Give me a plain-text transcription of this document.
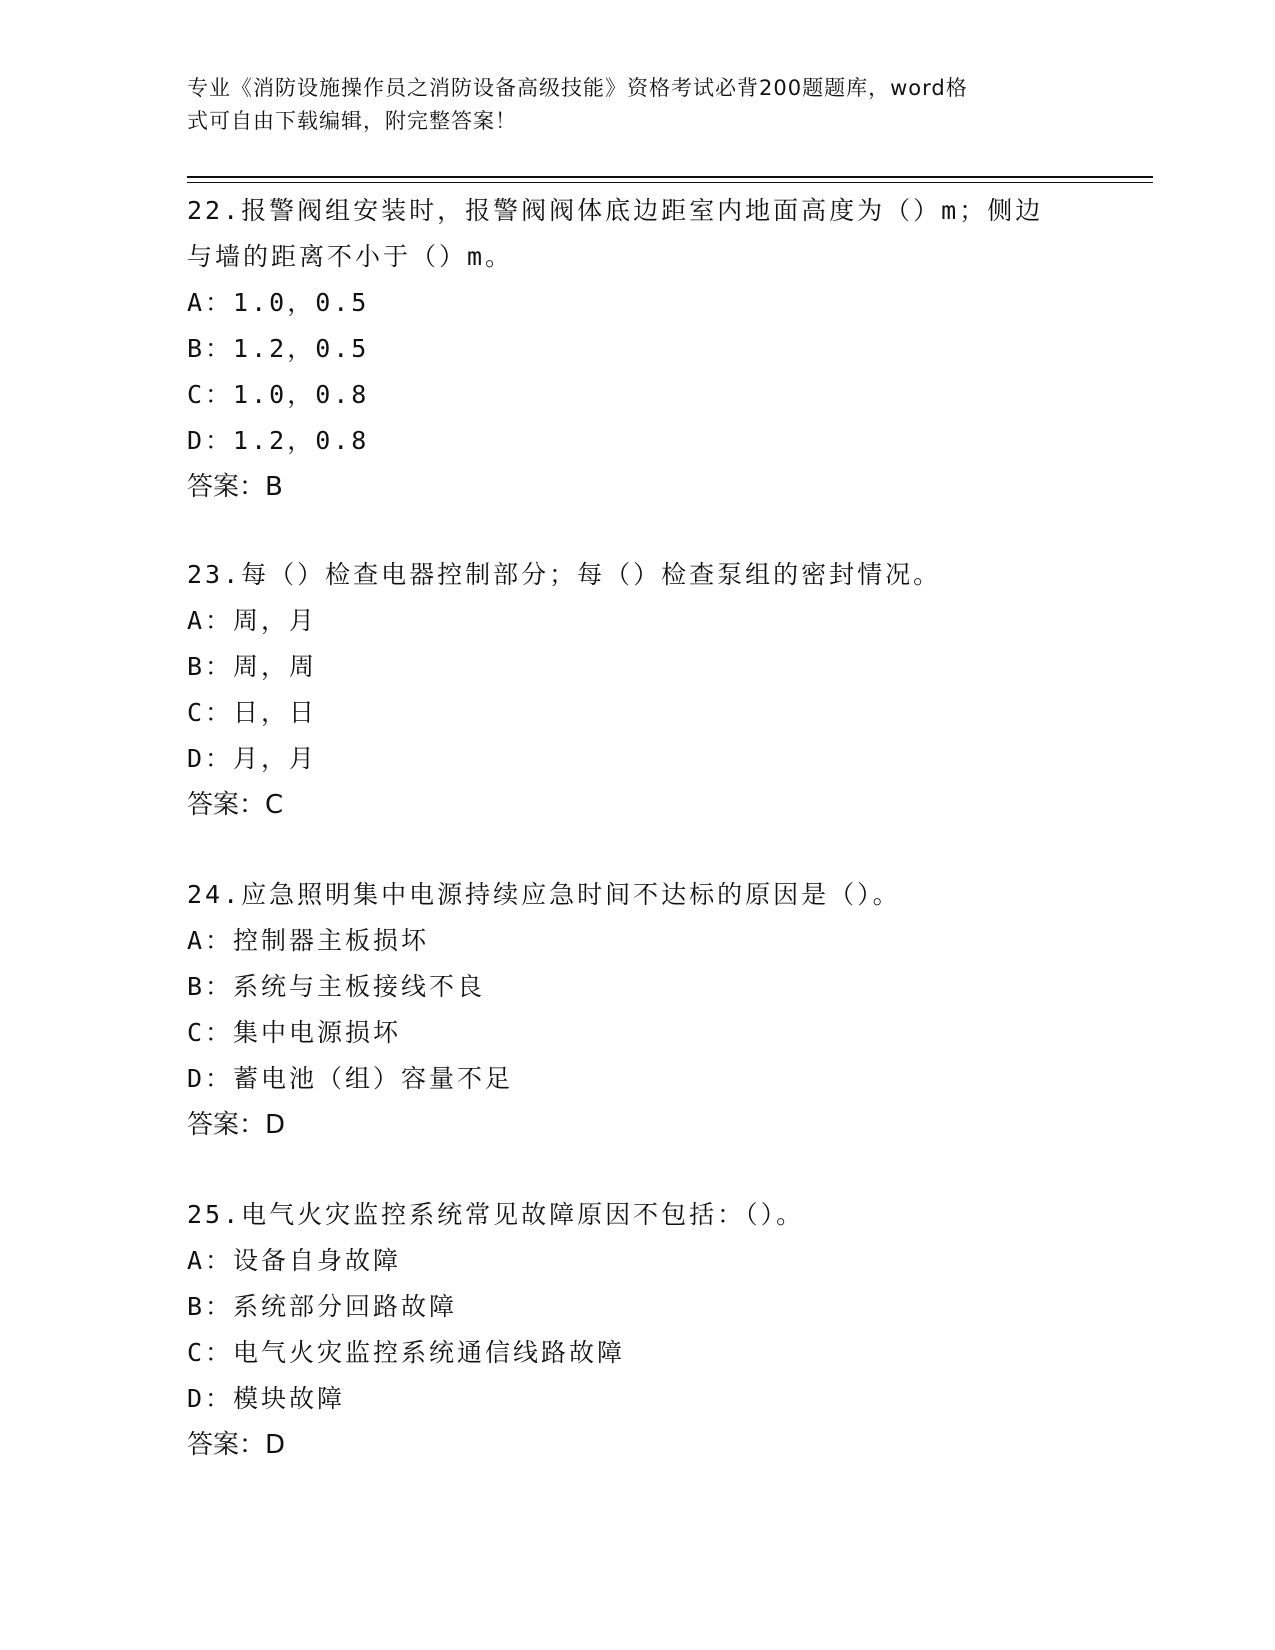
专业《消防设施操作员之消防设备高级技能》资格考试必背200题题库，word格
式可自由下载编辑，附完整答案！

22.报警阀组安装时，报警阀阀体底边距室内地面高度为（）m；侧边

与墙的距离不小于（）m。

A：1.0，0.5

B：1.2，0.5

C：1.0，0.8

D：1.2，0.8

答案：B

23.每（）检查电器控制部分；每（）检查泵组的密封情况。

A：周，月

B：周，周

C：日，日

D：月，月

答案：C

24.应急照明集中电源持续应急时间不达标的原因是（）。

A：控制器主板损坏

B：系统与主板接线不良

C：集中电源损坏

D：蓄电池（组）容量不足

答案：D

25.电气火灾监控系统常见故障原因不包括：（）。

A：设备自身故障

B：系统部分回路故障

C：电气火灾监控系统通信线路故障

D：模块故障

答案：D
